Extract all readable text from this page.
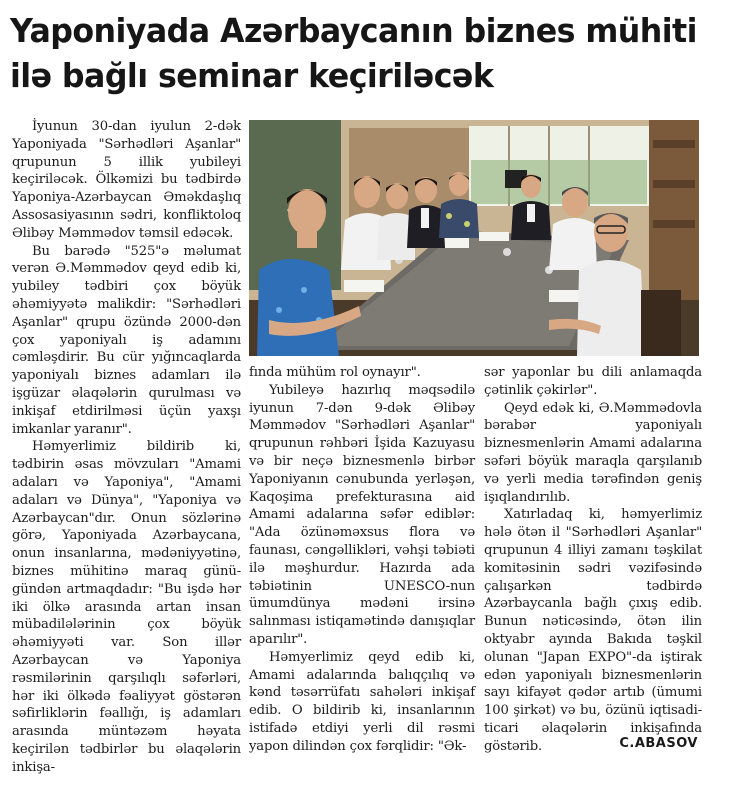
Yaponiyada Azərbaycanın biznes mühiti
ilə bağlı seminar keçiriləcək

İyunun 30-dan iyulun 2-dək Yaponiyada "Sərhədləri Aşanlar" qrupunun 5 illik yubileyi keçiriləcək. Ölkəmizi bu tədbirdə Yaponiya-Azərbaycan Əməkdaşlıq Assosasiyasının sədri, konfliktoloq Əlibəy Məmmədov təmsil edəcək.

Bu barədə "525"ə məlumat verən Ə.Məmmədov qeyd edib ki, yubiley tədbiri çox böyük əhəmiyyətə malikdir: "Sərhədləri Aşanlar" qrupu özündə 2000-dən çox yaponiyalı iş adamını cəmləşdirir. Bu cür yığıncaqlarda yaponiyalı biznes adamları ilə işgüzar əlaqələrin qurulması və inkişaf etdirilməsi üçün yaxşı imkanlar yaranır".

Həmyerlimiz bildirib ki, tədbirin əsas mövzuları "Amami adaları və Yaponiya", "Amami adaları və Dünya", "Yaponiya və Azərbaycan"dır. Onun sözlərinə görə, Yaponiyada Azərbaycana, onun insanlarına, mədəniyyətinə, biznes mühitinə maraq günü-gündən artmaqdadır: "Bu işdə hər iki ölkə arasında artan insan mübadilələrinin çox böyük əhəmiyyəti var. Son illər Azərbaycan və Yaponiya rəsmilərinin qarşılıqlı səfərləri, hər iki ölkədə fəaliyyət göstərən səfirliklərin fəallığı, iş adamları arasında müntəzəm həyata keçirilən tədbirlər bu əlaqələrin inkişa-

fında mühüm rol oynayır".

Yubileyə hazırlıq məqsədilə iyunun 7-dən 9-dək Əlibəy Məmmədov "Sərhədləri Aşanlar" qrupunun rəhbəri İşida Kazuyasu və bir neçə biznesmenlə birbər Yaponiyanın cənubunda yerləşən, Kaqoşima prefekturasına aid Amami adalarına səfər ediblər: "Ada özünəməxsus flora və faunası, cəngəllikləri, vəhşi təbiəti ilə məşhurdur. Hazırda ada təbiətinin UNESCO-nun ümumdünya mədəni irsinə salınması istiqamətində danışıqlar aparılır".

Həmyerlimiz qeyd edib ki, Amami adalarında balıqçılıq və kənd təsərrüfatı sahələri inkişaf edib. O bildirib ki, insanlarının istifadə etdiyi yerli dil rəsmi yapon dilindən çox fərqlidir: "Ək-

sər yaponlar bu dili anlamaqda çətinlik çəkirlər".

Qeyd edək ki, Ə.Məmmədovla bərabər yaponiyalı biznesmenlərin Amami adalarına səfəri böyük maraqla qarşılanıb və yerli media tərəfindən geniş işıqlandırılıb.

Xatırladaq ki, həmyerlimiz hələ ötən il "Sərhədləri Aşanlar" qrupunun 4 illiyi zamanı təşkilat komitəsinin sədri vəzifəsində çalışarkən tədbirdə Azərbaycanla bağlı çıxış edib. Bunun nəticəsində, ötən ilin oktyabr ayında Bakıda təşkil olunan "Japan EXPO"-da iştirak edən yaponiyalı biznesmenlərin sayı kifayət qədər artıb (ümumi 100 şirkət) və bu, özünü iqtisadi-ticari əlaqələrin inkişafında göstərib.	C.ABASOV
